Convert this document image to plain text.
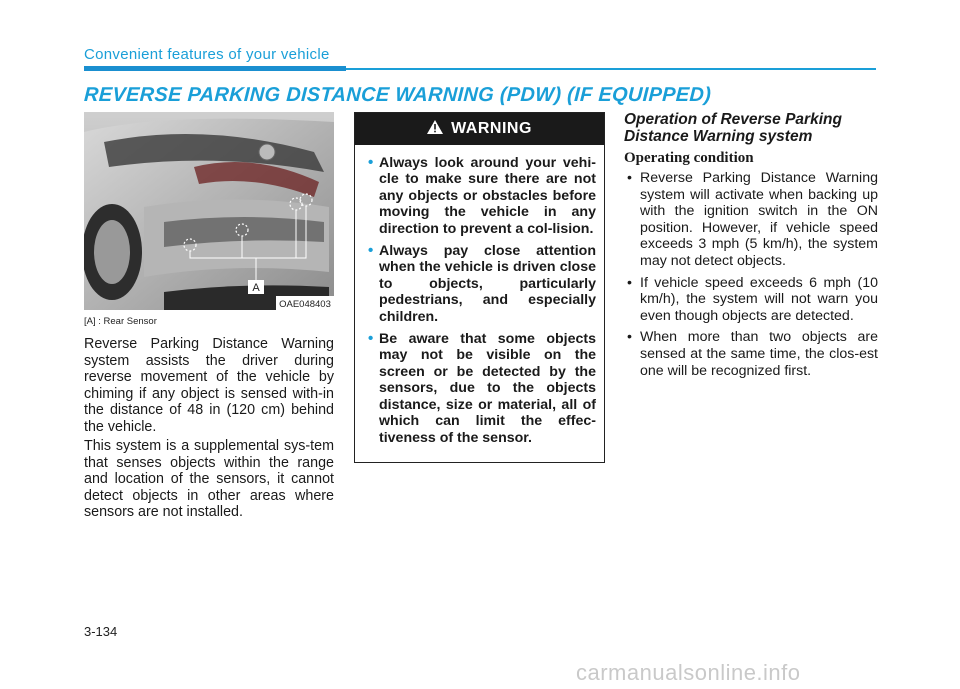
Convenient features of your vehicle
REVERSE PARKING DISTANCE WARNING (PDW) (IF EQUIPPED)
A
OAE048403
[A] : Rear Sensor

Reverse Parking Distance Warning system assists the driver during reverse movement of the vehicle by chiming if any object is sensed with-in the distance of 48 in (120 cm) behind the vehicle.

This system is a supplemental sys-tem that senses objects within the range and location of the sensors, it cannot detect objects in other areas where sensors are not installed.

WARNING
• Always look around your vehi-cle to make sure there are not any objects or obstacles before moving the vehicle in any direction to prevent a col-lision.
• Always pay close attention when the vehicle is driven close to objects, particularly pedestrians, and especially children.
• Be aware that some objects may not be visible on the screen or be detected by the sensors, due to the objects distance, size or material, all of which can limit the effec-tiveness of the sensor.
Operation of Reverse Parking Distance Warning system
Operating condition
• Reverse Parking Distance Warning system will activate when backing up with the ignition switch in the ON position. However, if vehicle speed exceeds 3 mph (5 km/h), the system may not detect objects.
• If vehicle speed exceeds 6 mph (10 km/h), the system will not warn you even though objects are detected.
• When more than two objects are sensed at the same time, the clos-est one will be recognized first.
3-134
carmanualsonline.info
